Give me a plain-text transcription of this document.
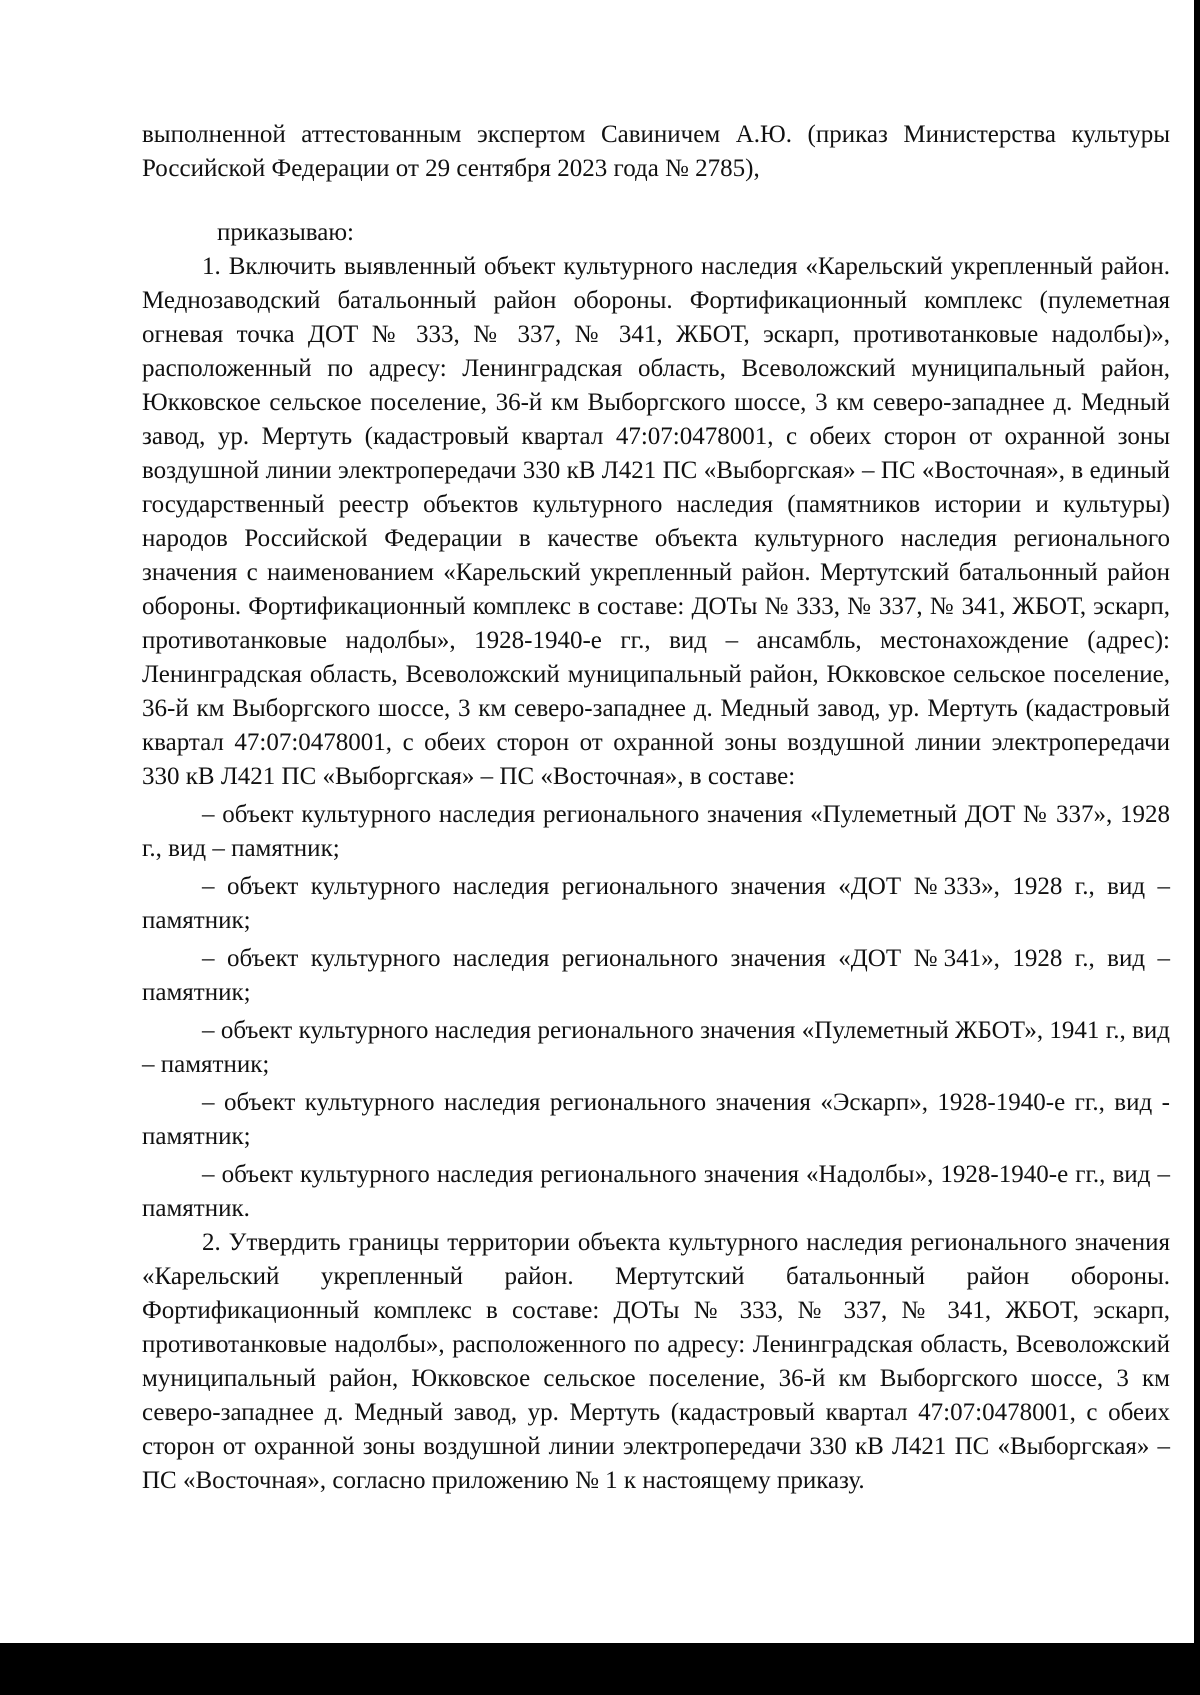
выполненной аттестованным экспертом Савиничем А.Ю. (приказ Министерства культуры Российской Федерации от 29 сентября 2023 года № 2785),

приказываю:

1. Включить выявленный объект культурного наследия «Карельский укрепленный район. Меднозаводский батальонный район обороны. Фортификационный комплекс (пулеметная огневая точка ДОТ № 333, № 337, № 341, ЖБОТ, эскарп, противотанковые надолбы)», расположенный по адресу: Ленинградская область, Всеволожский муниципальный район, Юкковское сельское поселение, 36-й км Выборгского шоссе, 3 км северо-западнее д. Медный завод, ур. Мертуть (кадастровый квартал 47:07:0478001, с обеих сторон от охранной зоны воздушной линии электропередачи 330 кВ Л421 ПС «Выборгская» – ПС «Восточная», в единый государственный реестр объектов культурного наследия (памятников истории и культуры) народов Российской Федерации в качестве объекта культурного наследия регионального значения с наименованием «Карельский укрепленный район. Мертутский батальонный район обороны. Фортификационный комплекс в составе: ДОТы № 333, № 337, № 341, ЖБОТ, эскарп, противотанковые надолбы», 1928-1940-е гг., вид – ансамбль, местонахождение (адрес): Ленинградская область, Всеволожский муниципальный район, Юкковское сельское поселение, 36-й км Выборгского шоссе, 3 км северо-западнее д. Медный завод, ур. Мертуть (кадастровый квартал 47:07:0478001, с обеих сторон от охранной зоны воздушной линии электропередачи 330 кВ Л421 ПС «Выборгская» – ПС «Восточная», в составе:

– объект культурного наследия регионального значения «Пулеметный ДОТ № 337», 1928 г., вид – памятник;

– объект культурного наследия регионального значения «ДОТ №333», 1928 г., вид – памятник;

– объект культурного наследия регионального значения «ДОТ №341», 1928 г., вид – памятник;

– объект культурного наследия регионального значения «Пулеметный ЖБОТ», 1941 г., вид – памятник;

– объект культурного наследия регионального значения «Эскарп», 1928-1940-е гг., вид - памятник;

– объект культурного наследия регионального значения «Надолбы», 1928-1940-е гг., вид – памятник.

2. Утвердить границы территории объекта культурного наследия регионального значения «Карельский укрепленный район. Мертутский батальонный район обороны. Фортификационный комплекс в составе: ДОТы № 333, № 337, № 341, ЖБОТ, эскарп, противотанковые надолбы», расположенного по адресу: Ленинградская область, Всеволожский муниципальный район, Юкковское сельское поселение, 36-й км Выборгского шоссе, 3 км северо-западнее д. Медный завод, ур. Мертуть (кадастровый квартал 47:07:0478001, с обеих сторон от охранной зоны воздушной линии электропередачи 330 кВ Л421 ПС «Выборгская» – ПС «Восточная», согласно приложению № 1 к настоящему приказу.
